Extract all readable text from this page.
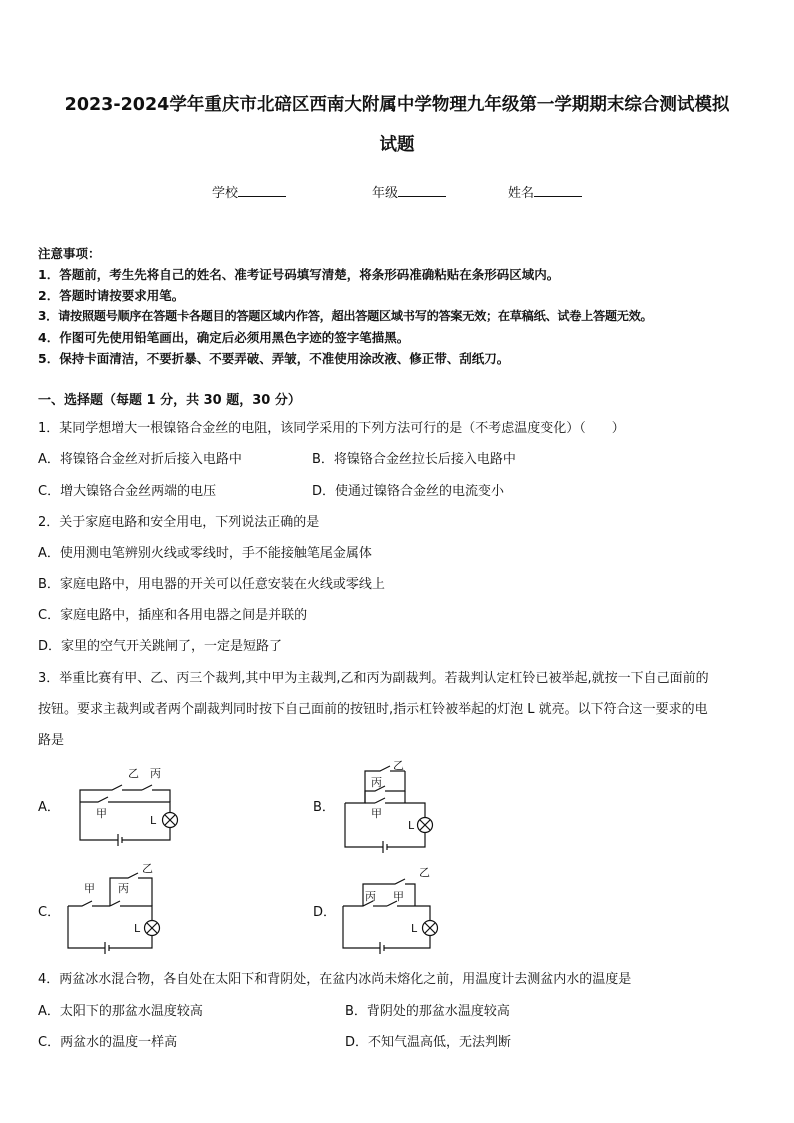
2023-2024学年重庆市北碚区西南大附属中学物理九年级第一学期期末综合测试模拟
试题
学校	年级	姓名
注意事项：
1．答题前，考生先将自己的姓名、准考证号码填写清楚，将条形码准确粘贴在条形码区域内。
2．答题时请按要求用笔。
3．请按照题号顺序在答题卡各题目的答题区域内作答，超出答题区域书写的答案无效；在草稿纸、试卷上答题无效。
4．作图可先使用铅笔画出，确定后必须用黑色字迹的签字笔描黑。
5．保持卡面清洁，不要折暴、不要弄破、弄皱，不准使用涂改液、修正带、刮纸刀。
一、选择题（每题 1 分，共 30 题，30 分）
1．某同学想增大一根镍铬合金丝的电阻，该同学采用的下列方法可行的是（不考虑温度变化）（　　）
A．将镍铬合金丝对折后接入电路中	B．将镍铬合金丝拉长后接入电路中
C．增大镍铬合金丝两端的电压	D．使通过镍铬合金丝的电流变小
2．关于家庭电路和安全用电，下列说法正确的是
A．使用测电笔辨别火线或零线时，手不能接触笔尾金属体
B．家庭电路中，用电器的开关可以任意安装在火线或零线上
C．家庭电路中，插座和各用电器之间是并联的
D．家里的空气开关跳闸了，一定是短路了
3．举重比赛有甲、乙、丙三个裁判,其中甲为主裁判,乙和丙为副裁判。若裁判认定杠铃已被举起,就按一下自己面前的
按钮。要求主裁判或者两个副裁判同时按下自己面前的按钮时,指示杠铃被举起的灯泡 L 就亮。以下符合这一要求的电
路是
A．
乙 丙
甲
L
B．
乙
丙
甲
L
C．
甲 丙
乙
L
D．
丙 甲
乙
L
4．两盆冰水混合物，各自处在太阳下和背阴处，在盆内冰尚未熔化之前，用温度计去测盆内水的温度是
A．太阳下的那盆水温度较高	B．背阴处的那盆水温度较高
C．两盆水的温度一样高	D．不知气温高低，无法判断
